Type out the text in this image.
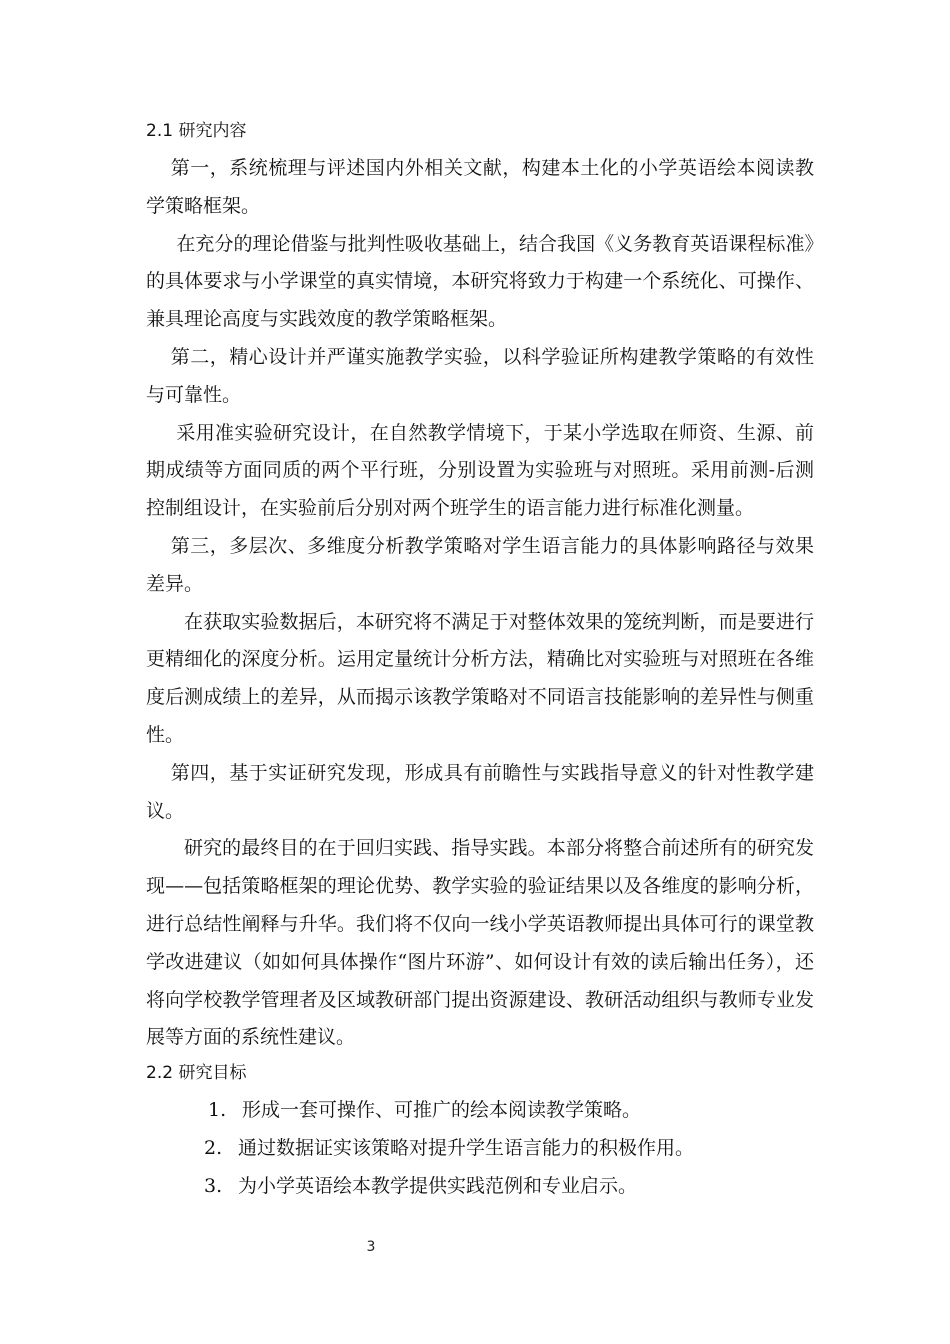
2.1 研究内容

第一，系统梳理与评述国内外相关文献，构建本土化的小学英语绘本阅读教学策略框架。

在充分的理论借鉴与批判性吸收基础上，结合我国《义务教育英语课程标准》的具体要求与小学课堂的真实情境，本研究将致力于构建一个系统化、可操作、兼具理论高度与实践效度的教学策略框架。

第二，精心设计并严谨实施教学实验，以科学验证所构建教学策略的有效性与可靠性。

采用准实验研究设计，在自然教学情境下，于某小学选取在师资、生源、前期成绩等方面同质的两个平行班，分别设置为实验班与对照班。采用前测-后测控制组设计，在实验前后分别对两个班学生的语言能力进行标准化测量。

第三，多层次、多维度分析教学策略对学生语言能力的具体影响路径与效果差异。

在获取实验数据后，本研究将不满足于对整体效果的笼统判断，而是要进行更精细化的深度分析。运用定量统计分析方法，精确比对实验班与对照班在各维度后测成绩上的差异，从而揭示该教学策略对不同语言技能影响的差异性与侧重性。

第四，基于实证研究发现，形成具有前瞻性与实践指导意义的针对性教学建议。

研究的最终目的在于回归实践、指导实践。本部分将整合前述所有的研究发现——包括策略框架的理论优势、教学实验的验证结果以及各维度的影响分析，进行总结性阐释与升华。我们将不仅向一线小学英语教师提出具体可行的课堂教学改进建议（如如何具体操作“图片环游”、如何设计有效的读后输出任务），还将向学校教学管理者及区域教研部门提出资源建设、教研活动组织与教师专业发展等方面的系统性建议。

2.2 研究目标
1. 形成一套可操作、可推广的绘本阅读教学策略。
2. 通过数据证实该策略对提升学生语言能力的积极作用。
3. 为小学英语绘本教学提供实践范例和专业启示。
3
